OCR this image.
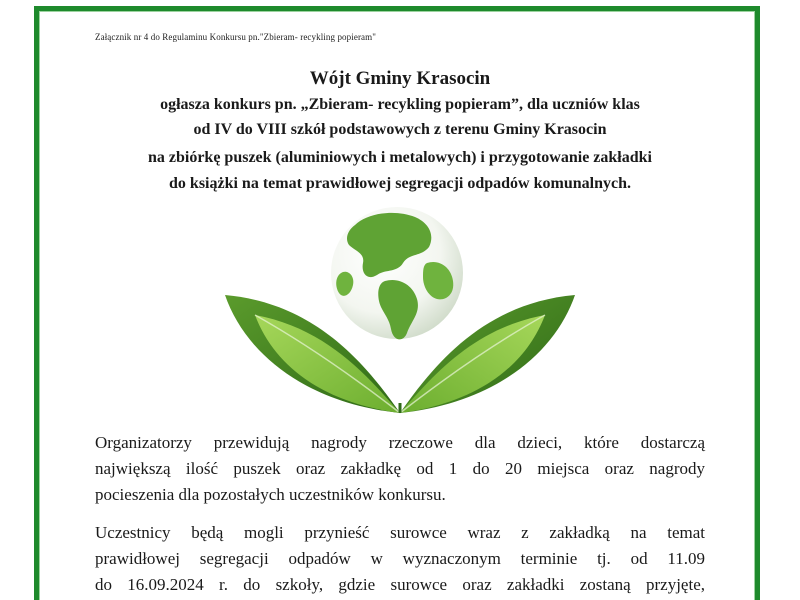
Załącznik nr 4 do Regulaminu Konkursu pn."Zbieram- recykling popieram"
Wójt Gminy Krasocin
ogłasza konkurs pn. „Zbieram- recykling popieram”, dla uczniów klas
od IV do VIII szkół podstawowych z terenu Gminy Krasocin
na zbiórkę puszek (aluminiowych i metalowych) i przygotowanie zakładki
do książki na temat prawidłowej segregacji odpadów komunalnych.

Organizatorzy przewidują nagrody rzeczowe dla dzieci, które dostarczą
największą ilość puszek oraz zakładkę od 1 do 20 miejsca oraz nagrody
pocieszenia dla pozostałych uczestników konkursu.

Uczestnicy będą mogli przynieść surowce wraz z zakładką na temat
prawidłowej segregacji odpadów w wyznaczonym terminie tj. od 11.09
do 16.09.2024 r. do szkoły, gdzie surowce oraz zakładki zostaną przyjęte,
